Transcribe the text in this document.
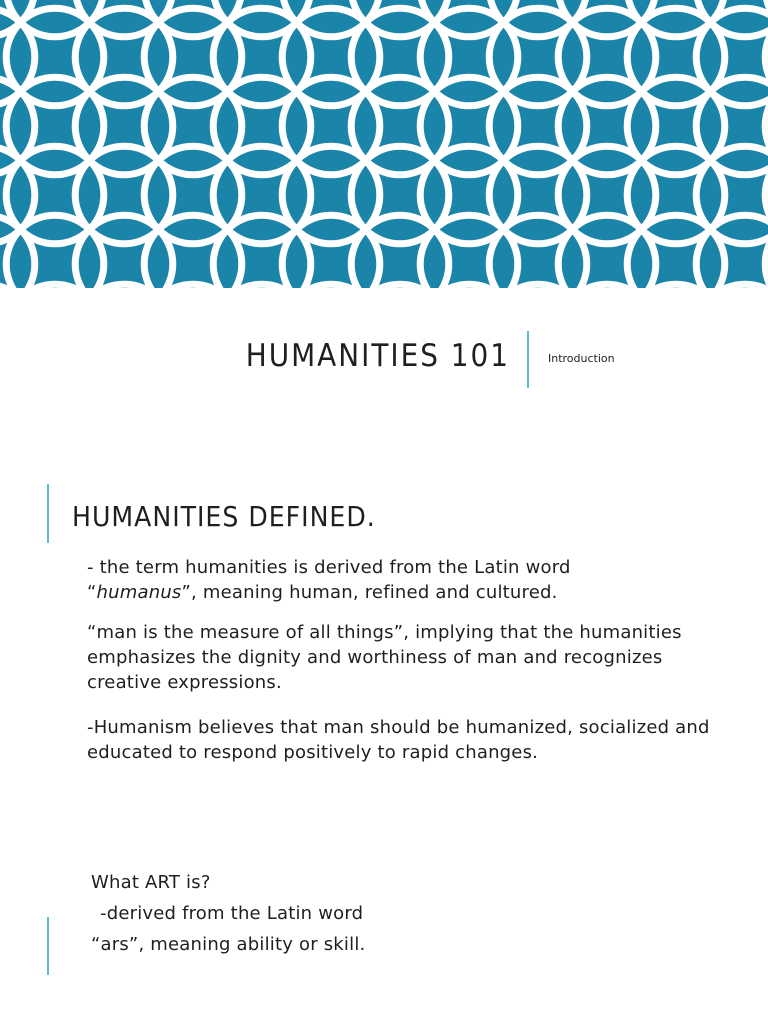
HUMANITIES 101	Introduction
HUMANITIES DEFINED.

- the term humanities is derived from the Latin word
“humanus”, meaning human, refined and cultured.

“man is the measure of all things”, implying that the humanities emphasizes the dignity and worthiness of man and recognizes creative expressions.

-Humanism believes that man should be humanized, socialized and educated to respond positively to rapid changes.

What ART is?

-derived from the Latin word
“ars”, meaning ability or skill.
